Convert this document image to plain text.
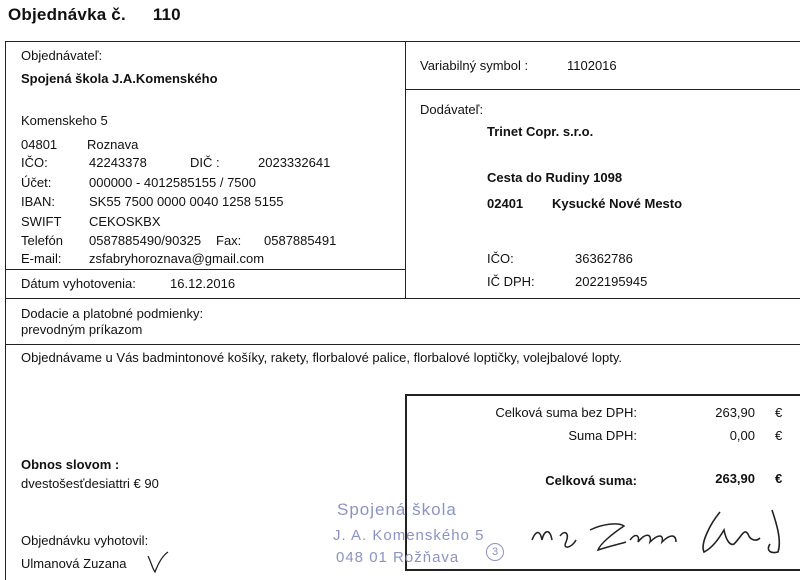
Objednávka č. 110
Objednávateľ:
Spojená škola J.A.Komenského
Komenskeho 5
04801 Roznava
IČO:	42243378	DIČ :	2023332641
Účet:	000000 - 4012585155 / 7500
IBAN:	SK55 7500 0000 0040 1258 5155
SWIFT CEKOSKBX
Telefón 0587885490/90325 Fax: 0587885491
E-mail: zsfabryhoroznava@gmail.com
Variabilný symbol :	1102016
Dodávateľ:
Trinet Copr. s.r.o.
Cesta do Rudiny 1098
02401 Kysucké Nové Mesto
IČO:	36362786
IČ DPH:	2022195945
Dátum vyhotovenia:	16.12.2016
Dodacie a platobné podmienky:
prevodným príkazom
Objednávame u Vás badmintonové košíky, rakety, florbalové palice, florbalové loptičky, volejbalové lopty.
Celková suma bez DPH:	263,90 €
Suma DPH:	0,00 €
Celková suma:	263,90 €
Obnos slovom :
dvestošesťdesiattri € 90
Objednávku vyhotovil:
Ulmanová Zuzana
Spojená škola
J. A. Komenského 5
048 01 Rožňava	3
